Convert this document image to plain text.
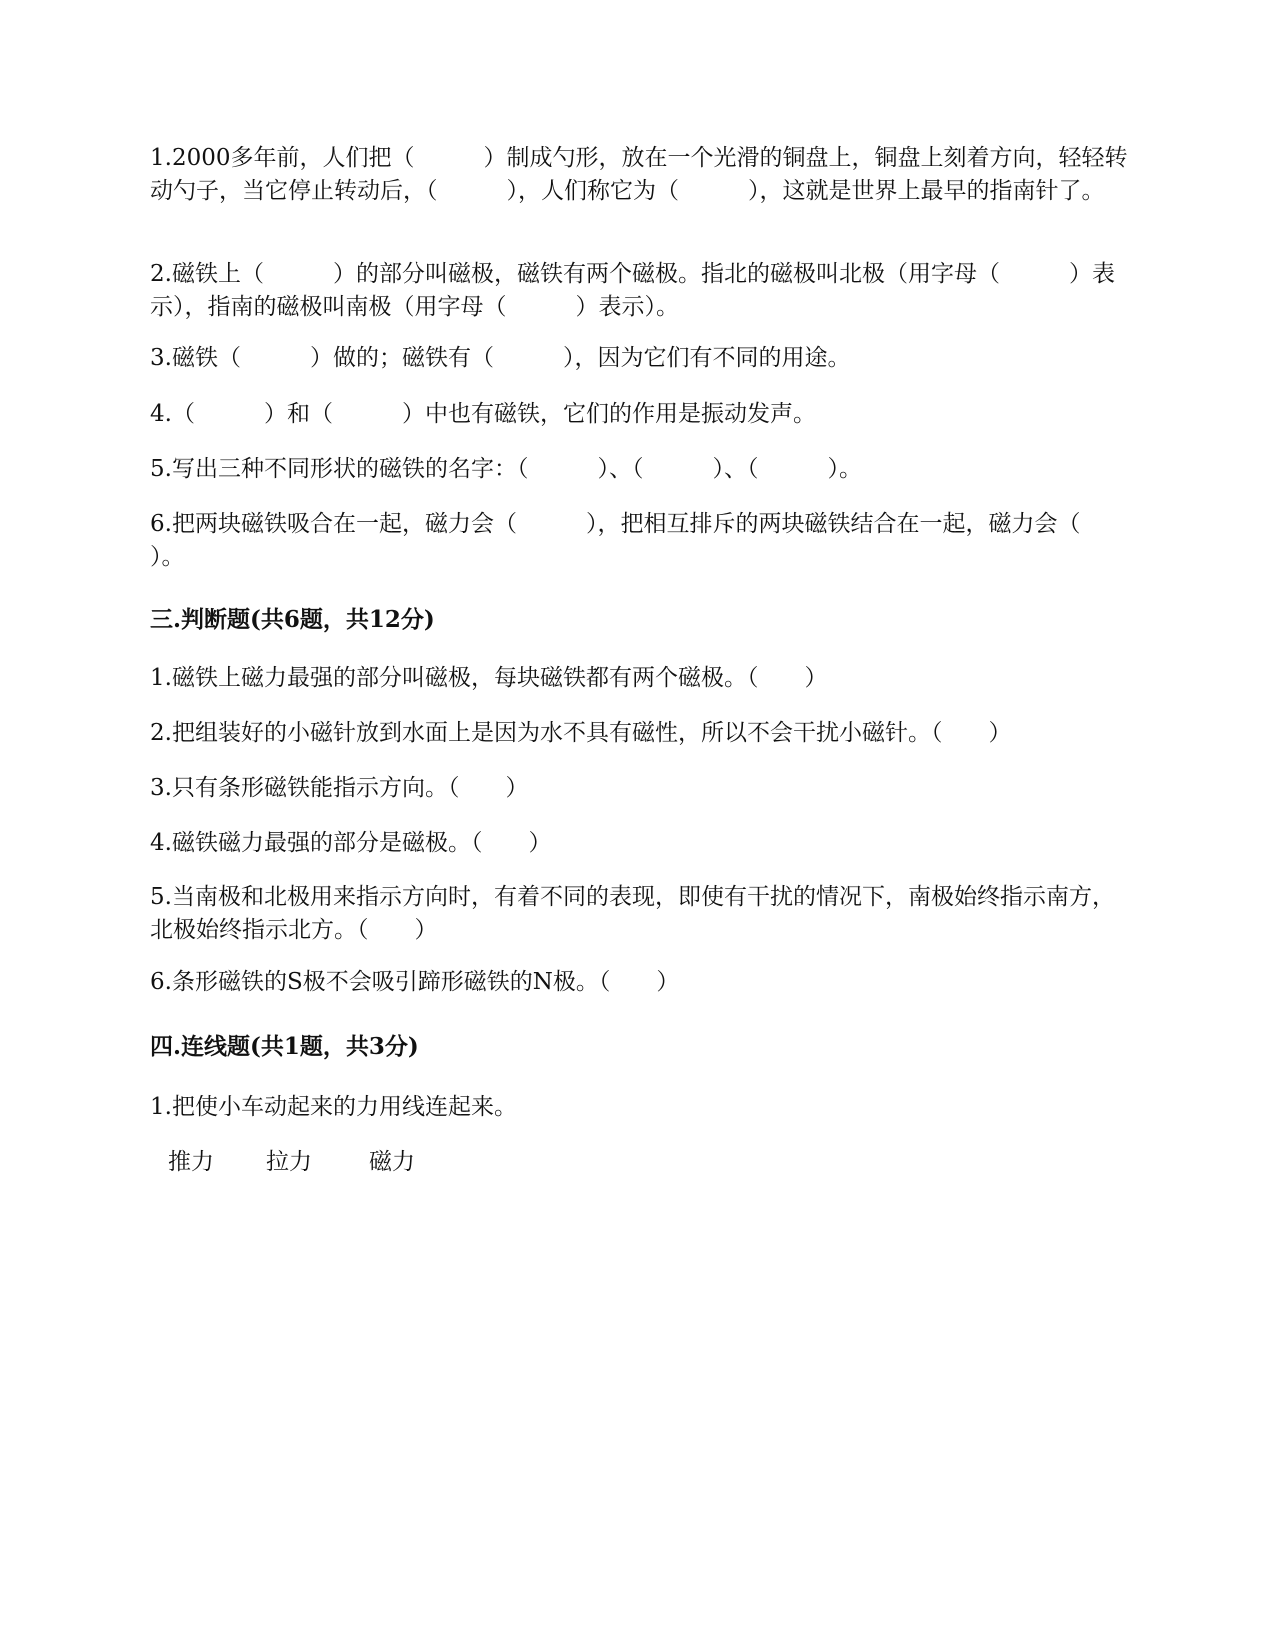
1.2000多年前，人们把（　　　）制成勺形，放在一个光滑的铜盘上，铜盘上刻着方向，轻轻转动勺子，当它停止转动后，（　　　），人们称它为（　　　），这就是世界上最早的指南针了。

2.磁铁上（　　　）的部分叫磁极，磁铁有两个磁极。指北的磁极叫北极（用字母（　　　）表示），指南的磁极叫南极（用字母（　　　）表示）。

3.磁铁（　　　）做的；磁铁有（　　　），因为它们有不同的用途。

4.（　　　）和（　　　）中也有磁铁，它们的作用是振动发声。

5.写出三种不同形状的磁铁的名字：（　　　）、（　　　）、（　　　）。

6.把两块磁铁吸合在一起，磁力会（　　　），把相互排斥的两块磁铁结合在一起，磁力会（　　　）。

三.判断题(共6题，共12分)

1.磁铁上磁力最强的部分叫磁极，每块磁铁都有两个磁极。（　　）

2.把组装好的小磁针放到水面上是因为水不具有磁性，所以不会干扰小磁针。（　　）

3.只有条形磁铁能指示方向。（　　）

4.磁铁磁力最强的部分是磁极。（　　）

5.当南极和北极用来指示方向时，有着不同的表现，即使有干扰的情况下，南极始终指示南方，北极始终指示北方。（　　）

6.条形磁铁的S极不会吸引蹄形磁铁的N极。（　　）

四.连线题(共1题，共3分)

1.把使小车动起来的力用线连起来。

推力 拉力 磁力
